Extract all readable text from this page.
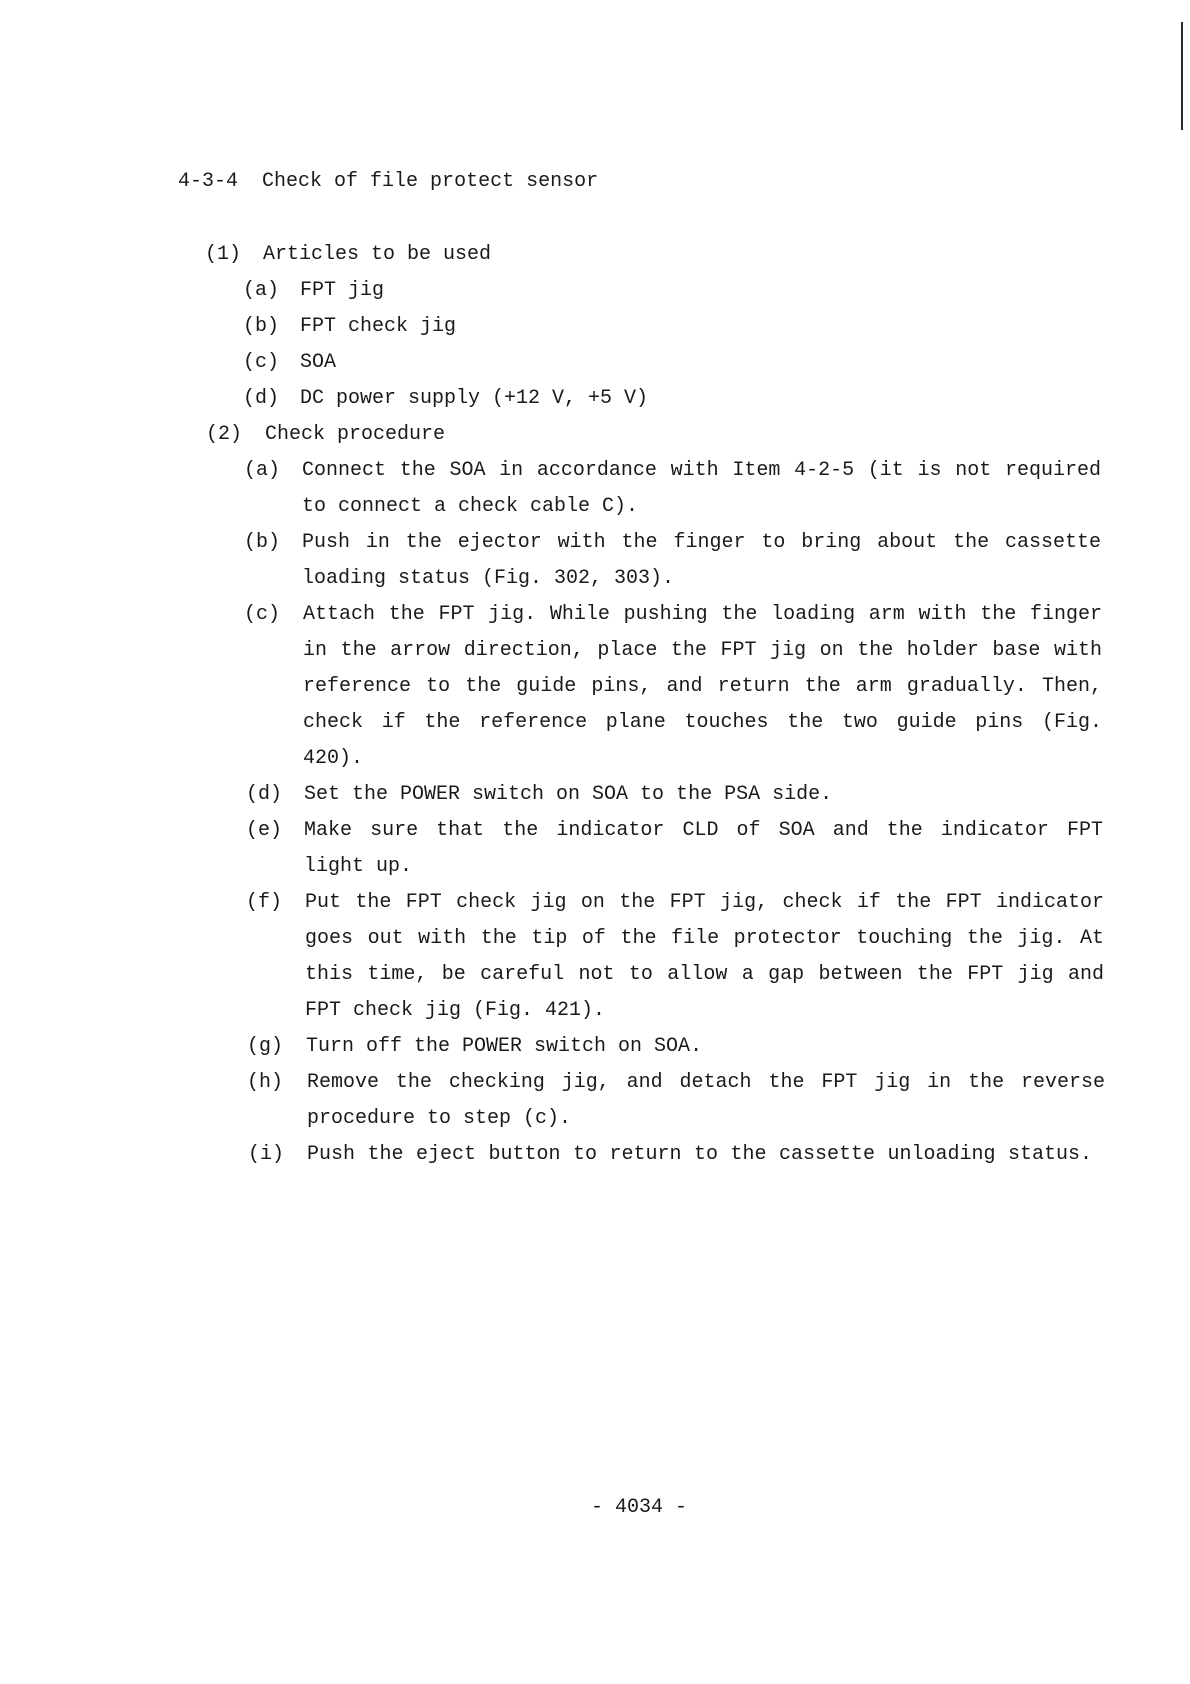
4-3-4 Check of file protect sensor
(1) Articles to be used
(a) FPT jig
(b) FPT check jig
(c) SOA
(d) DC power supply (+12 V, +5 V)
(2) Check procedure
(a) Connect the SOA in accordance with Item 4-2-5 (it is not required
to connect a check cable C).
(b) Push in the ejector with the finger to bring about the cassette
loading status (Fig. 302, 303).
(c) Attach the FPT jig. While pushing the loading arm with the finger
in the arrow direction, place the FPT jig on the holder base with
reference to the guide pins, and return the arm gradually. Then,
check if the reference plane touches the two guide pins (Fig.
420).
(d) Set the POWER switch on SOA to the PSA side.
(e) Make sure that the indicator CLD of SOA and the indicator FPT
light up.
(f) Put the FPT check jig on the FPT jig, check if the FPT indicator
goes out with the tip of the file protector touching the jig. At
this time, be careful not to allow a gap between the FPT jig and
FPT check jig (Fig. 421).
(g) Turn off the POWER switch on SOA.
(h) Remove the checking jig, and detach the FPT jig in the reverse
procedure to step (c).
(i) Push the eject button to return to the cassette unloading status.
- 4034 -
